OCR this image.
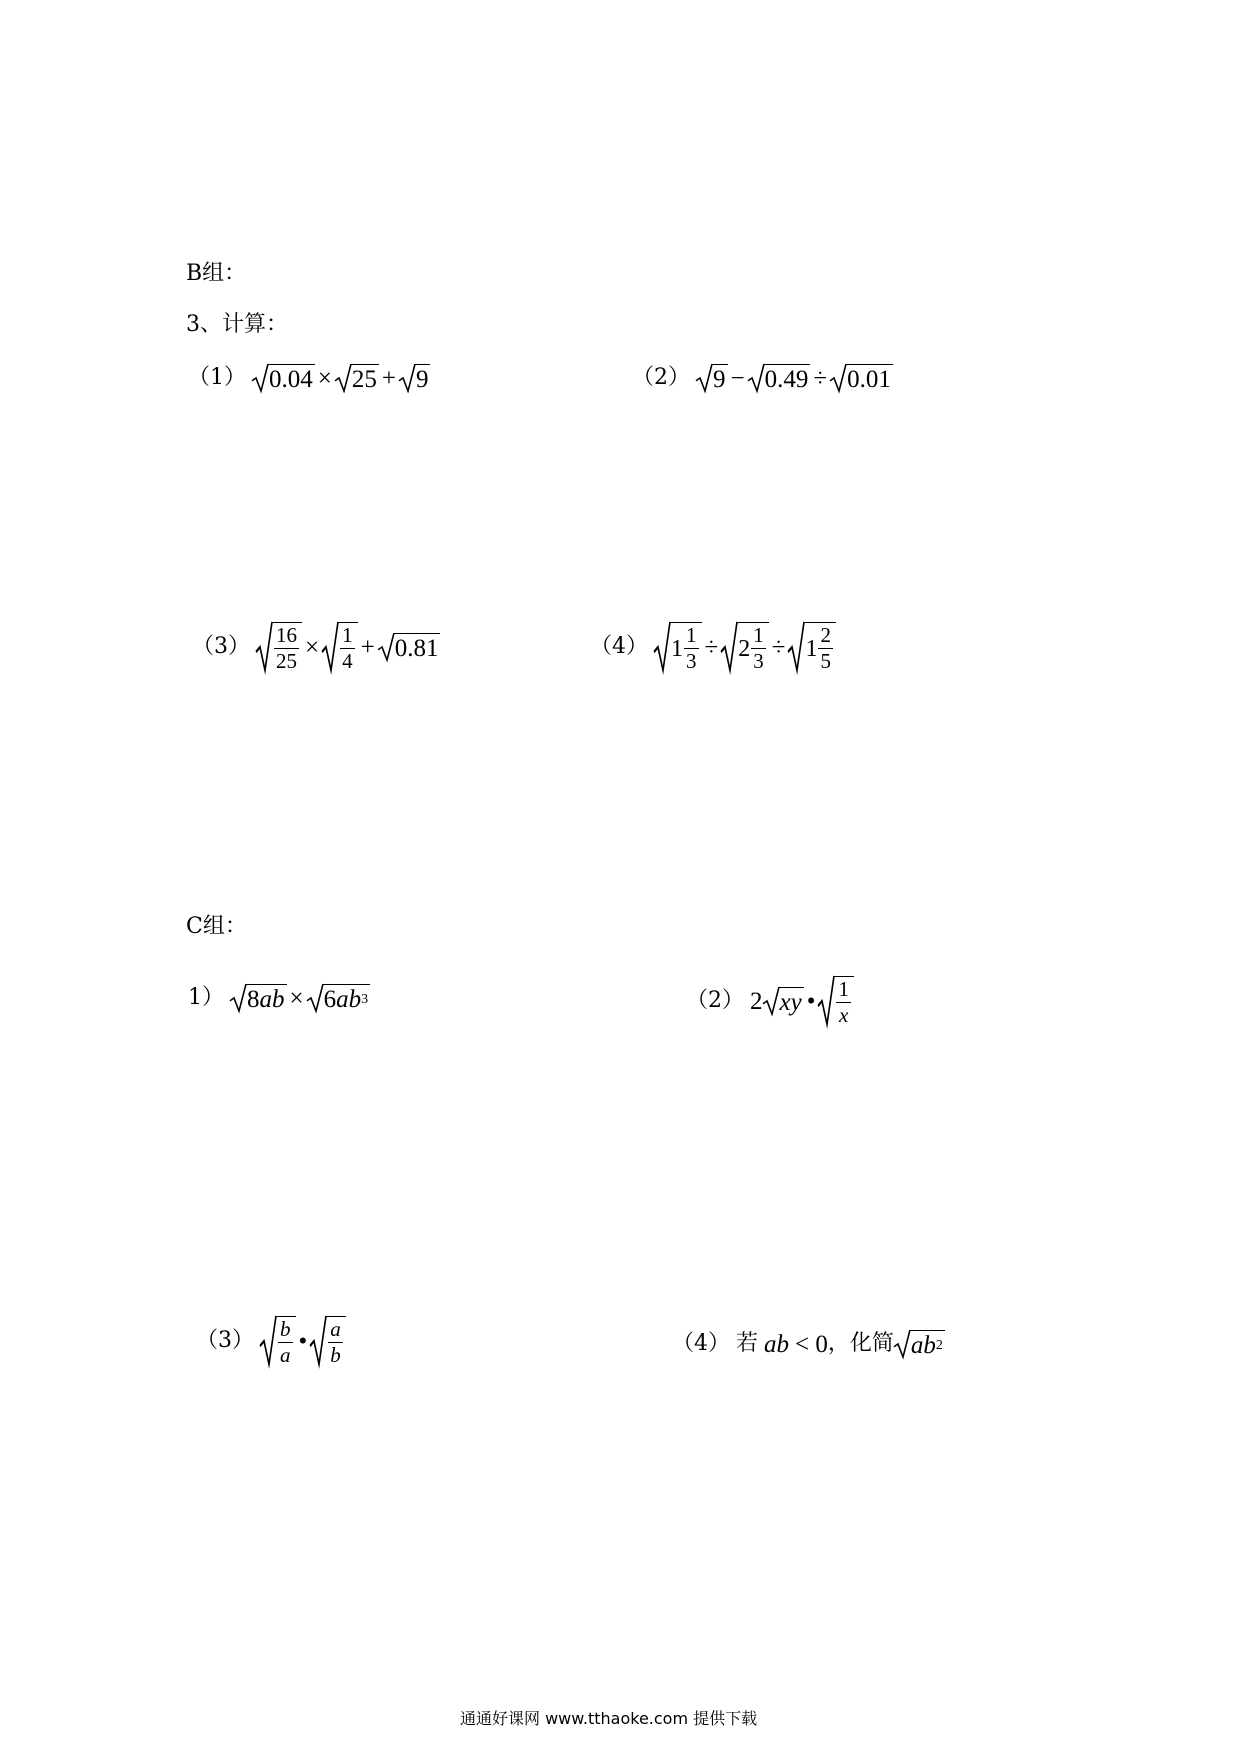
B组：
3、计算：
（1） 0.04 × 25 + 9	（2） 9 − 0.49 ÷ 0.01
$(3) \frac{16}{25} \times \frac{1}{4} + 0.81$	（4） $1 \frac{1}{3} \div 2 \frac{1}{3} \div 1 \frac{2}{5}$
C组：
1） 8 ab × 6 ab 3	（2） 2 xy • $\frac{1}{x}$
$(3) \frac{b}{a}$ • $\frac{a}{b}$	（4） 若 ab < 0 ，化简 ab 2
通通好课网 www.tthaoke.com 提供下载
